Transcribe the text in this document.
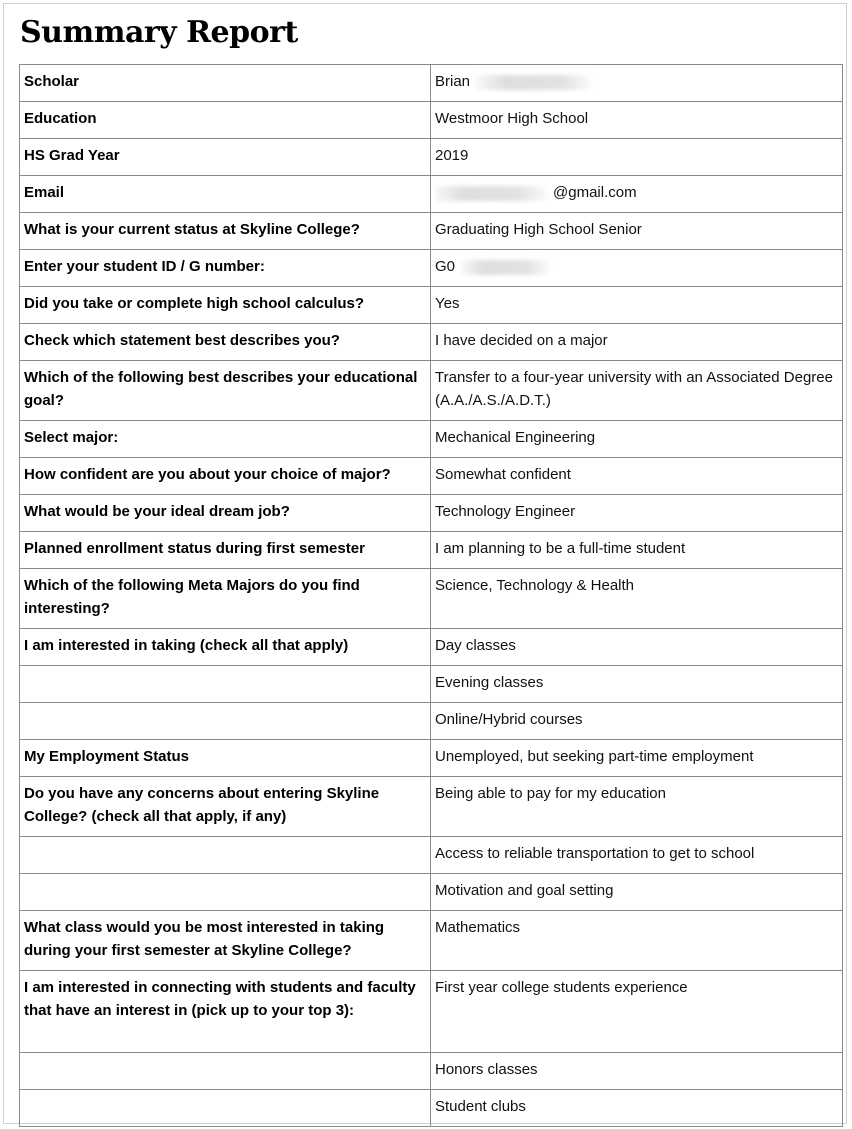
Summary Report
Scholar	Brian
Education	Westmoor High School
HS Grad Year	2019
Email	@gmail.com
What is your current status at Skyline College?	Graduating High School Senior
Enter your student ID / G number:	G0
Did you take or complete high school calculus?	Yes
Check which statement best describes you?	I have decided on a major
Which of the following best describes your educational goal?	Transfer to a four-year university with an Associated Degree (A.A./A.S./A.D.T.)
Select major:	Mechanical Engineering
How confident are you about your choice of major?	Somewhat confident
What would be your ideal dream job?	Technology Engineer
Planned enrollment status during first semester	I am planning to be a full-time student
Which of the following Meta Majors do you find interesting?	Science, Technology & Health
I am interested in taking (check all that apply)	Day classes
	Evening classes
	Online/Hybrid courses
My Employment Status	Unemployed, but seeking part-time employment
Do you have any concerns about entering Skyline College? (check all that apply, if any)	Being able to pay for my education
	Access to reliable transportation to get to school
	Motivation and goal setting
What class would you be most interested in taking during your first semester at Skyline College?	Mathematics
I am interested in connecting with students and faculty that have an interest in (pick up to your top 3):	First year college students experience
	Honors classes
	Student clubs
